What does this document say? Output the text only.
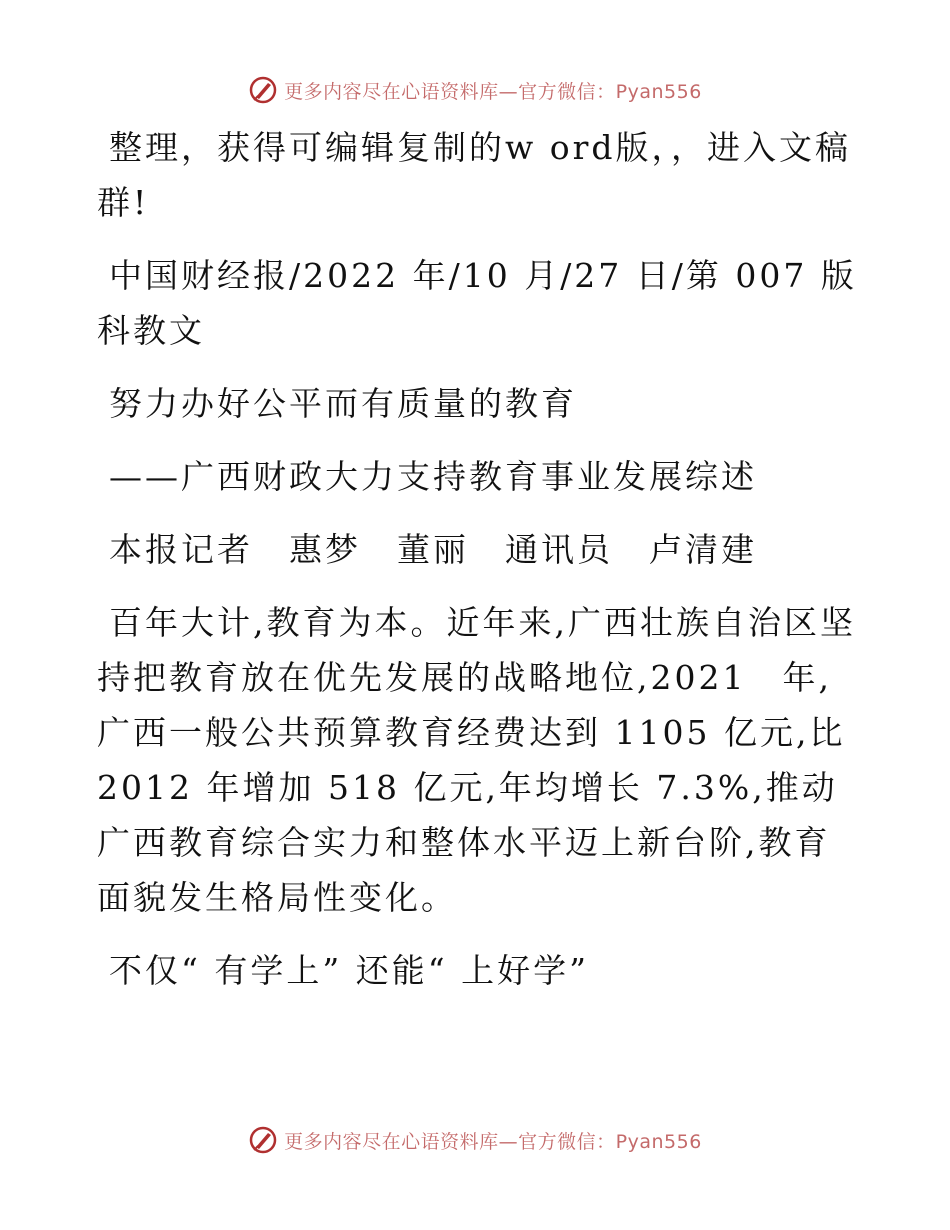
更多内容尽在心语资料库—官方微信：Pyan556

整理，获得可编辑复制的w ord版，，进入文稿群!

中国财经报/2022 年/10 月/27 日/第 007 版科教文

努力办好公平而有质量的教育

——广西财政大力支持教育事业发展综述

本报记者　惠梦　董丽　通讯员　卢清建

百年大计,教育为本。近年来,广西壮族自治区坚持把教育放在优先发展的战略地位,2021　年,广西一般公共预算教育经费达到 1105 亿元,比 2012 年增加 518 亿元,年均增长 7.3%,推动广西教育综合实力和整体水平迈上新台阶,教育面貌发生格局性变化。

不仅“ 有学上” 还能“ 上好学”

更多内容尽在心语资料库—官方微信：Pyan556
